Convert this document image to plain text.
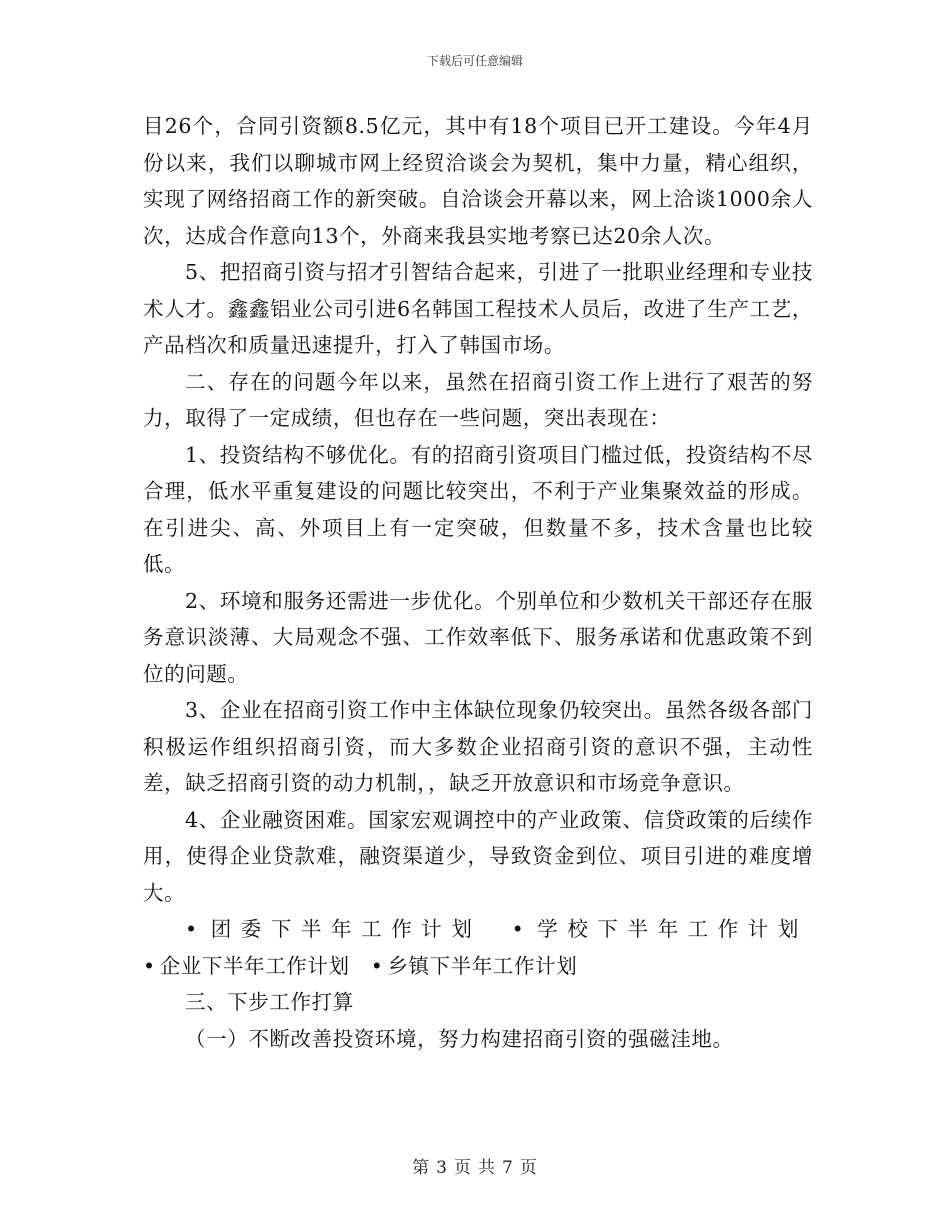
下载后可任意编辑

目26个，合同引资额8.5亿元，其中有18个项目已开工建设。今年4月份以来，我们以聊城市网上经贸洽谈会为契机，集中力量，精心组织，实现了网络招商工作的新突破。自洽谈会开幕以来，网上洽谈1000余人次，达成合作意向13个，外商来我县实地考察已达20余人次。

5、把招商引资与招才引智结合起来，引进了一批职业经理和专业技术人才。鑫鑫铝业公司引进6名韩国工程技术人员后，改进了生产工艺，产品档次和质量迅速提升，打入了韩国市场。

二、存在的问题今年以来，虽然在招商引资工作上进行了艰苦的努力，取得了一定成绩，但也存在一些问题，突出表现在：

1、投资结构不够优化。有的招商引资项目门槛过低，投资结构不尽合理，低水平重复建设的问题比较突出，不利于产业集聚效益的形成。在引进尖、高、外项目上有一定突破，但数量不多，技术含量也比较低。

2、环境和服务还需进一步优化。个别单位和少数机关干部还存在服务意识淡薄、大局观念不强、工作效率低下、服务承诺和优惠政策不到位的问题。

3、企业在招商引资工作中主体缺位现象仍较突出。虽然各级各部门积极运作组织招商引资，而大多数企业招商引资的意识不强，主动性差，缺乏招商引资的动力机制，，缺乏开放意识和市场竞争意识。

4、企业融资困难。国家宏观调控中的产业政策、信贷政策的后续作用，使得企业贷款难，融资渠道少，导致资金到位、项目引进的难度增大。

• 团委下半年工作计划 • 学校下半年工作计划 • 企业下半年工作计划 • 乡镇下半年工作计划

三、下步工作打算

（一）不断改善投资环境，努力构建招商引资的强磁洼地。

第 3 页 共 7 页
